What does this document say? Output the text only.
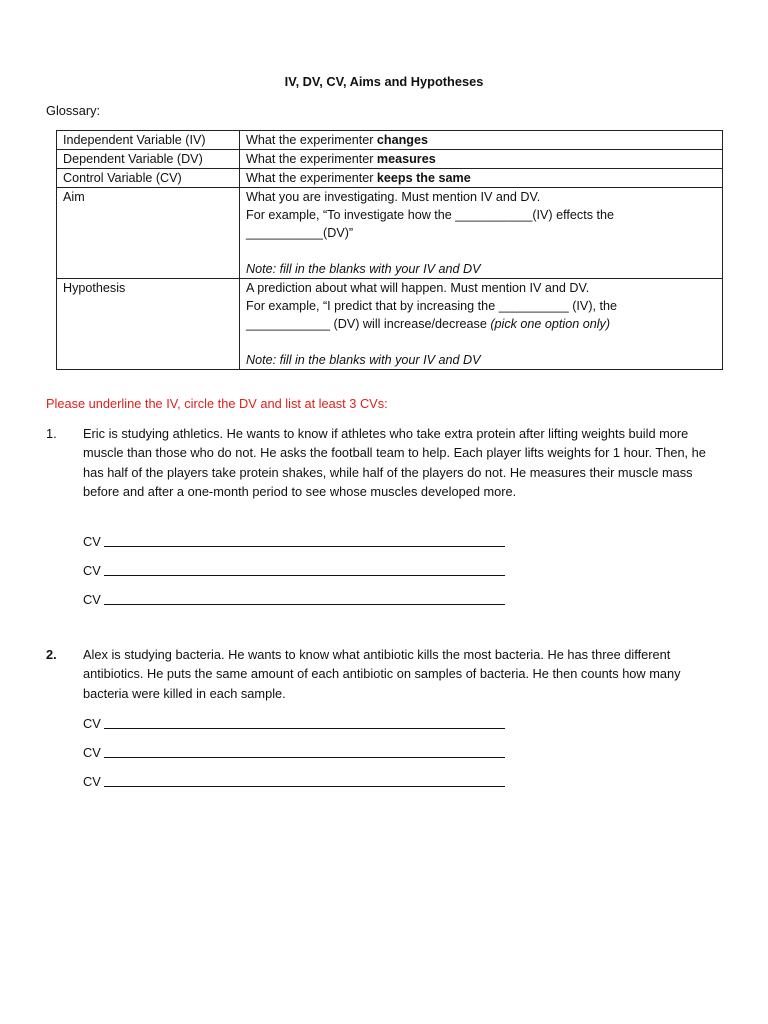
IV, DV, CV, Aims and Hypotheses
Glossary:
Independent Variable (IV)	What the experimenter changes
Dependent Variable (DV)	What the experimenter measures
Control Variable (CV)	What the experimenter keeps the same
Aim	What you are investigating. Must mention IV and DV.
For example, “To investigate how the ___________(IV) effects the
___________(DV)”
Note: fill in the blanks with your IV and DV

Hypothesis	A prediction about what will happen. Must mention IV and DV.
For example, “I predict that by increasing the __________ (IV), the
____________ (DV) will increase/decrease (pick one option only)
Note: fill in the blanks with your IV and DV
Please underline the IV, circle the DV and list at least 3 CVs:
1. Eric is studying athletics. He wants to know if athletes who take extra protein after lifting weights build more muscle than those who do not. He asks the football team to help. Each player lifts weights for 1 hour. Then, he has half of the players take protein shakes, while half of the players do not. He measures their muscle mass before and after a one-month period to see whose muscles developed more.
CV
CV
CV
2. Alex is studying bacteria. He wants to know what antibiotic kills the most bacteria. He has three different antibiotics. He puts the same amount of each antibiotic on samples of bacteria. He then counts how many bacteria were killed in each sample.
CV
CV
CV
